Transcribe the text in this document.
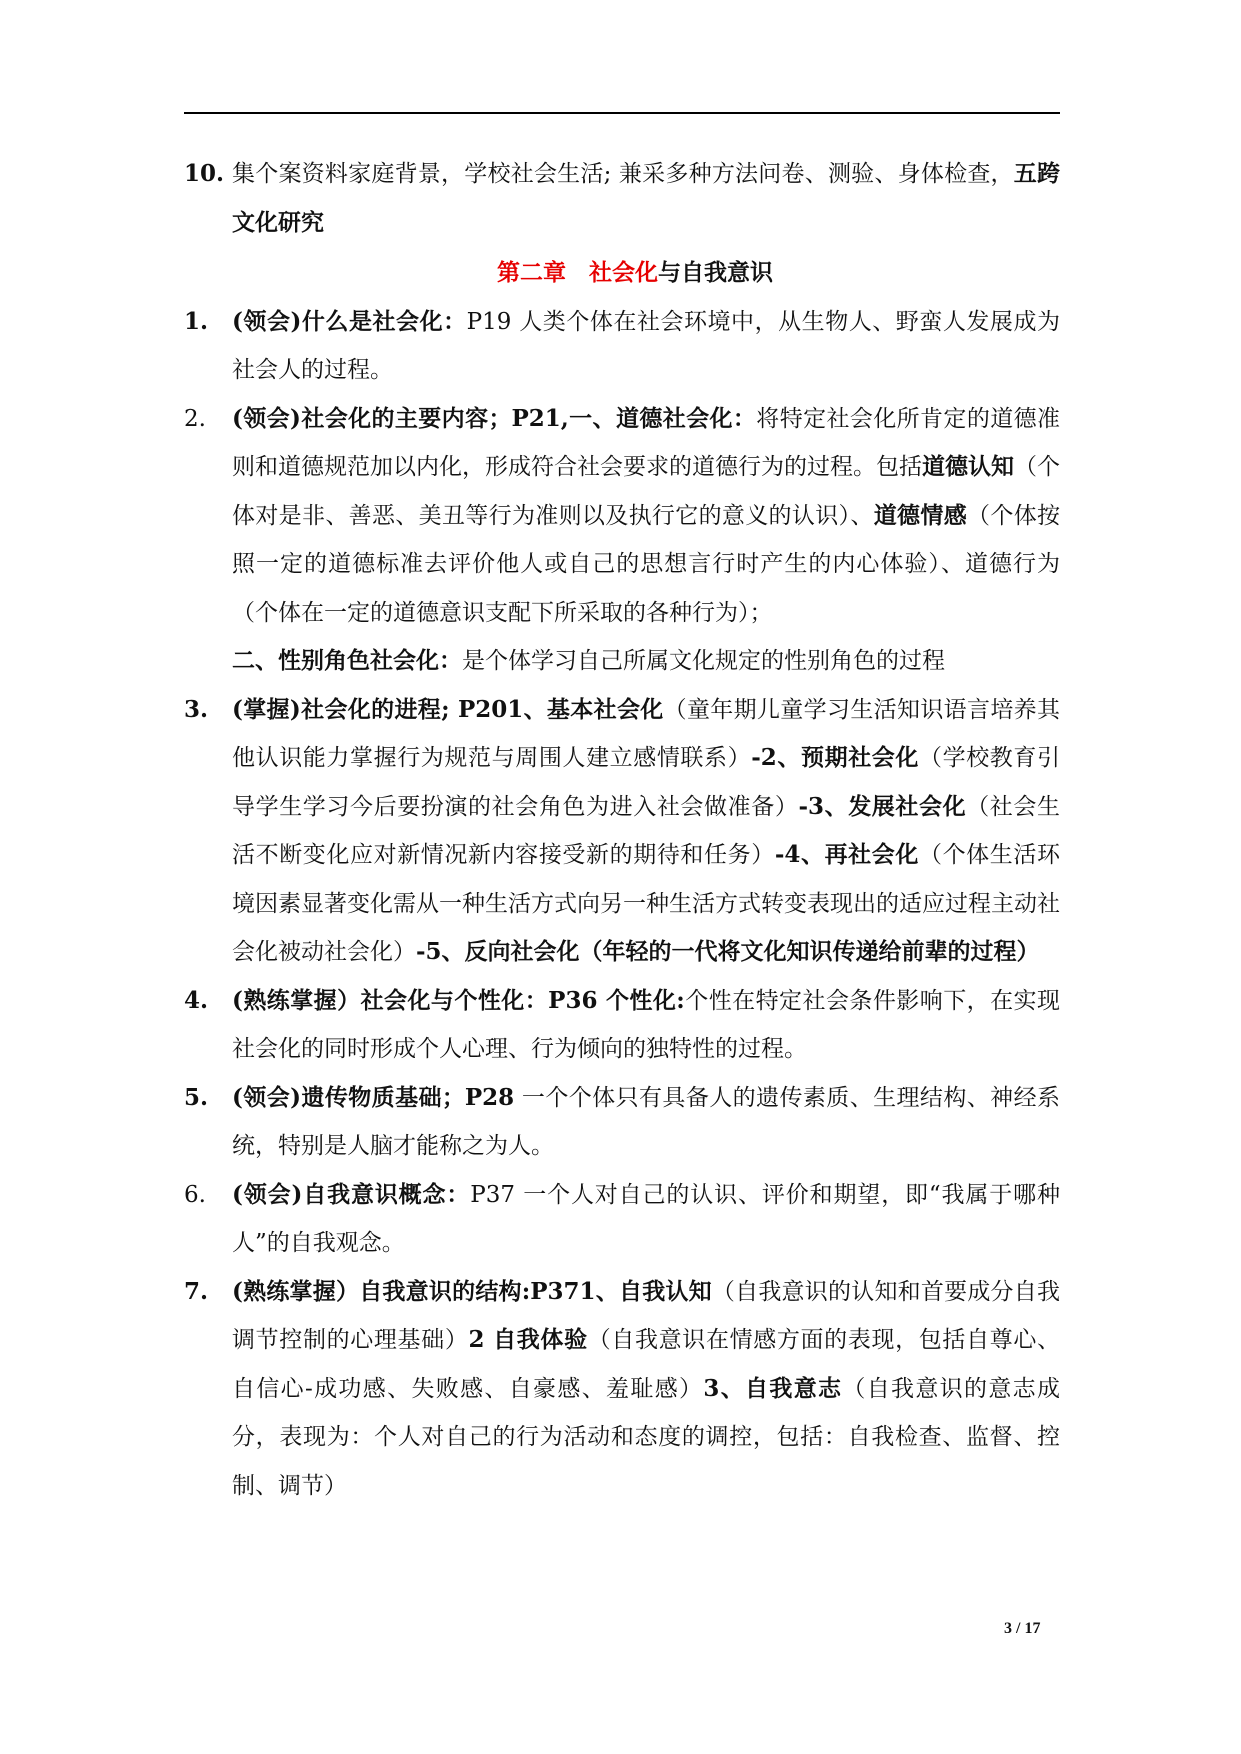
10. 集个案资料家庭背景，学校社会生活; 兼采多种方法问卷、测验、身体检查，五跨文化研究

第二章　社会化与自我意识

1.	(领会)什么是社会化：P19 人类个体在社会环境中，从生物人、野蛮人发展成为社会人的过程。

2.	(领会)社会化的主要内容；P21,一、道德社会化：将特定社会化所肯定的道德准则和道德规范加以内化，形成符合社会要求的道德行为的过程。包括道德认知（个体对是非、善恶、美丑等行为准则以及执行它的意义的认识）、道德情感（个体按照一定的道德标准去评价他人或自己的思想言行时产生的内心体验）、道德行为（个体在一定的道德意识支配下所采取的各种行为）；
二、性别角色社会化：是个体学习自己所属文化规定的性别角色的过程

3.	(掌握)社会化的进程; P201、基本社会化（童年期儿童学习生活知识语言培养其他认识能力掌握行为规范与周围人建立感情联系）-2、预期社会化（学校教育引导学生学习今后要扮演的社会角色为进入社会做准备）-3、发展社会化（社会生活不断变化应对新情况新内容接受新的期待和任务）-4、再社会化（个体生活环境因素显著变化需从一种生活方式向另一种生活方式转变表现出的适应过程主动社会化被动社会化）-5、反向社会化（年轻的一代将文化知识传递给前辈的过程）

4.	(熟练掌握）社会化与个性化：P36 个性化:个性在特定社会条件影响下，在实现社会化的同时形成个人心理、行为倾向的独特性的过程。

5.	(领会)遗传物质基础；P28 一个个体只有具备人的遗传素质、生理结构、神经系统，特别是人脑才能称之为人。

6.	(领会)自我意识概念：P37 一个人对自己的认识、评价和期望，即“我属于哪种人”的自我观念。

7.	(熟练掌握）自我意识的结构:P371、自我认知（自我意识的认知和首要成分自我调节控制的心理基础）2 自我体验（自我意识在情感方面的表现，包括自尊心、自信心-成功感、失败感、自豪感、羞耻感）3、自我意志（自我意识的意志成分，表现为：个人对自己的行为活动和态度的调控，包括：自我检查、监督、控制、调节）

3 / 17
